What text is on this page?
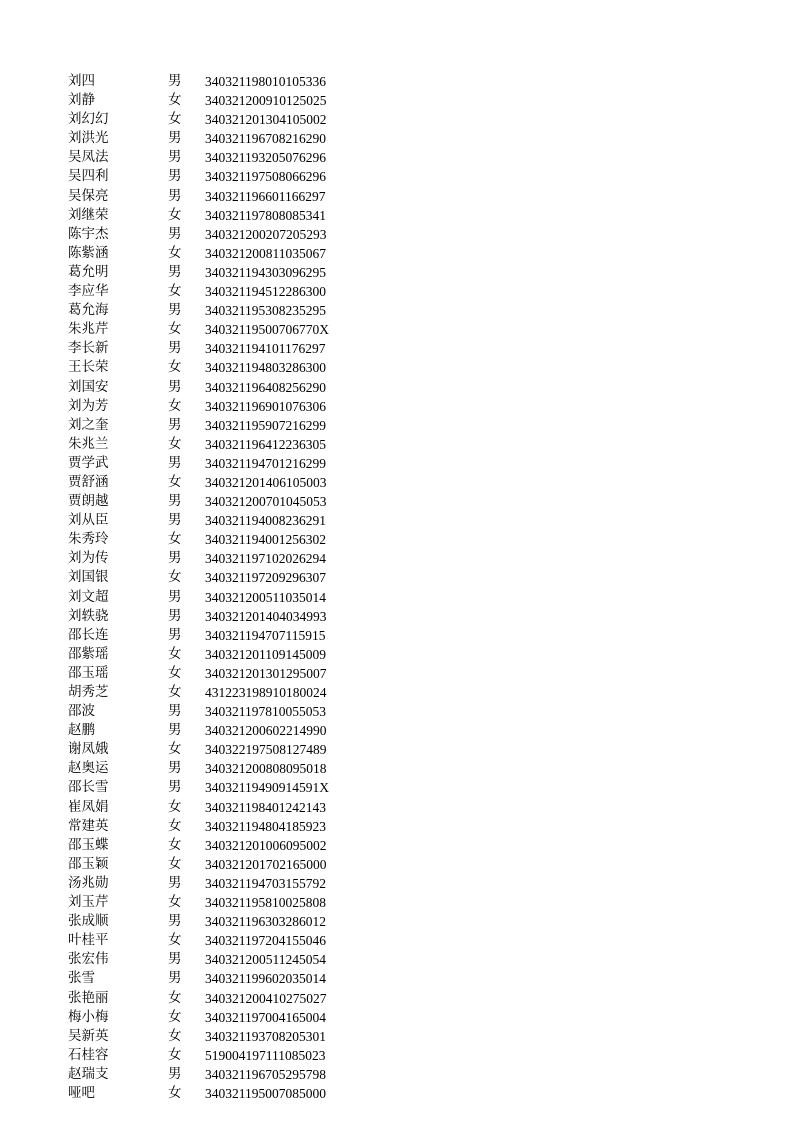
刘四	男 340321198010105336
刘静	女 340321200910125025
刘幻幻	女 340321201304105002
刘洪光	男 340321196708216290
吴凤法	男 340321193205076296
吴四利	男 340321197508066296
吴保亮	男 340321196601166297
刘继荣	女 340321197808085341
陈宇杰	男 340321200207205293
陈紫涵	女 340321200811035067
葛允明	男 340321194303096295
李应华	女 340321194512286300
葛允海	男 340321195308235295
朱兆芹	女 34032119500706770X
李长新	男 340321194101176297
王长荣	女 340321194803286300
刘国安	男 340321196408256290
刘为芳	女 340321196901076306
刘之奎	男 340321195907216299
朱兆兰	女 340321196412236305
贾学武	男 340321194701216299
贾舒涵	女 340321201406105003
贾朗越	男 340321200701045053
刘从臣	男 340321194008236291
朱秀玲	女 340321194001256302
刘为传	男 340321197102026294
刘国银	女 340321197209296307
刘文超	男 340321200511035014
刘轶骁	男 340321201404034993
邵长连	男 340321194707115915
邵紫瑶	女 340321201109145009
邵玉瑶	女 340321201301295007
胡秀芝	女 431223198910180024
邵波	男 340321197810055053
赵鹏	男 340321200602214990
谢凤娥	女 340322197508127489
赵奥运	男 340321200808095018
邵长雪	男 34032119490914591X
崔凤娟	女 340321198401242143
常建英	女 340321194804185923
邵玉蝶	女 340321201006095002
邵玉颖	女 340321201702165000
汤兆勋	男 340321194703155792
刘玉芹	女 340321195810025808
张成顺	男 340321196303286012
叶桂平	女 340321197204155046
张宏伟	男 340321200511245054
张雪	男 340321199602035014
张艳丽	女 340321200410275027
梅小梅	女 340321197004165004
吴新英	女 340321193708205301
石桂容	女 519004197111085023
赵瑞支	男 340321196705295798
哑吧	女 340321195007085000
